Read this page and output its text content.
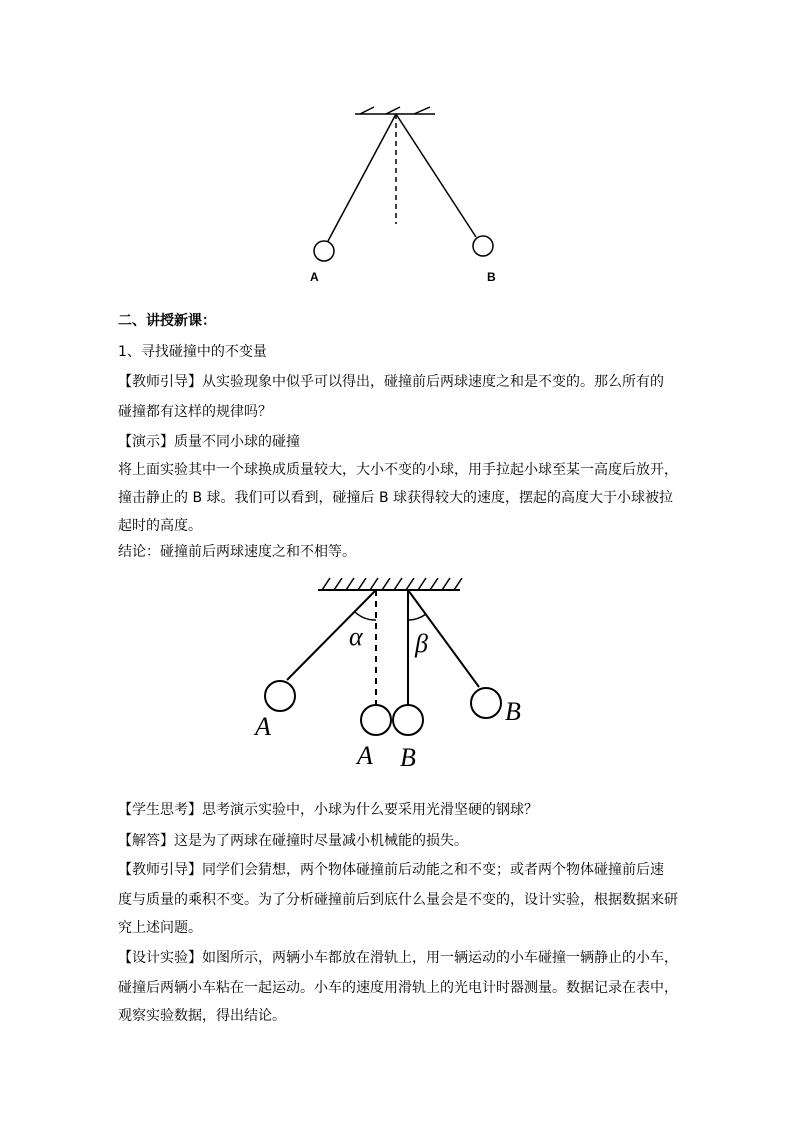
A	B
二、讲授新课：
1、寻找碰撞中的不变量
【教师引导】从实验现象中似乎可以得出，碰撞前后两球速度之和是不变的。那么所有的
碰撞都有这样的规律吗？
【演示】质量不同小球的碰撞
将上面实验其中一个球换成质量较大，大小不变的小球，用手拉起小球至某一高度后放开，
撞击静止的 B 球。我们可以看到，碰撞后 B 球获得较大的速度，摆起的高度大于小球被拉
起时的高度。
结论：碰撞前后两球速度之和不相等。
A
α β
B
A B
【学生思考】思考演示实验中，小球为什么要采用光滑坚硬的钢球？
【解答】这是为了两球在碰撞时尽量减小机械能的损失。
【教师引导】同学们会猜想，两个物体碰撞前后动能之和不变；或者两个物体碰撞前后速
度与质量的乘积不变。为了分析碰撞前后到底什么量会是不变的，设计实验，根据数据来研
究上述问题。
【设计实验】如图所示，两辆小车都放在滑轨上，用一辆运动的小车碰撞一辆静止的小车，
碰撞后两辆小车粘在一起运动。小车的速度用滑轨上的光电计时器测量。数据记录在表中，
观察实验数据，得出结论。
